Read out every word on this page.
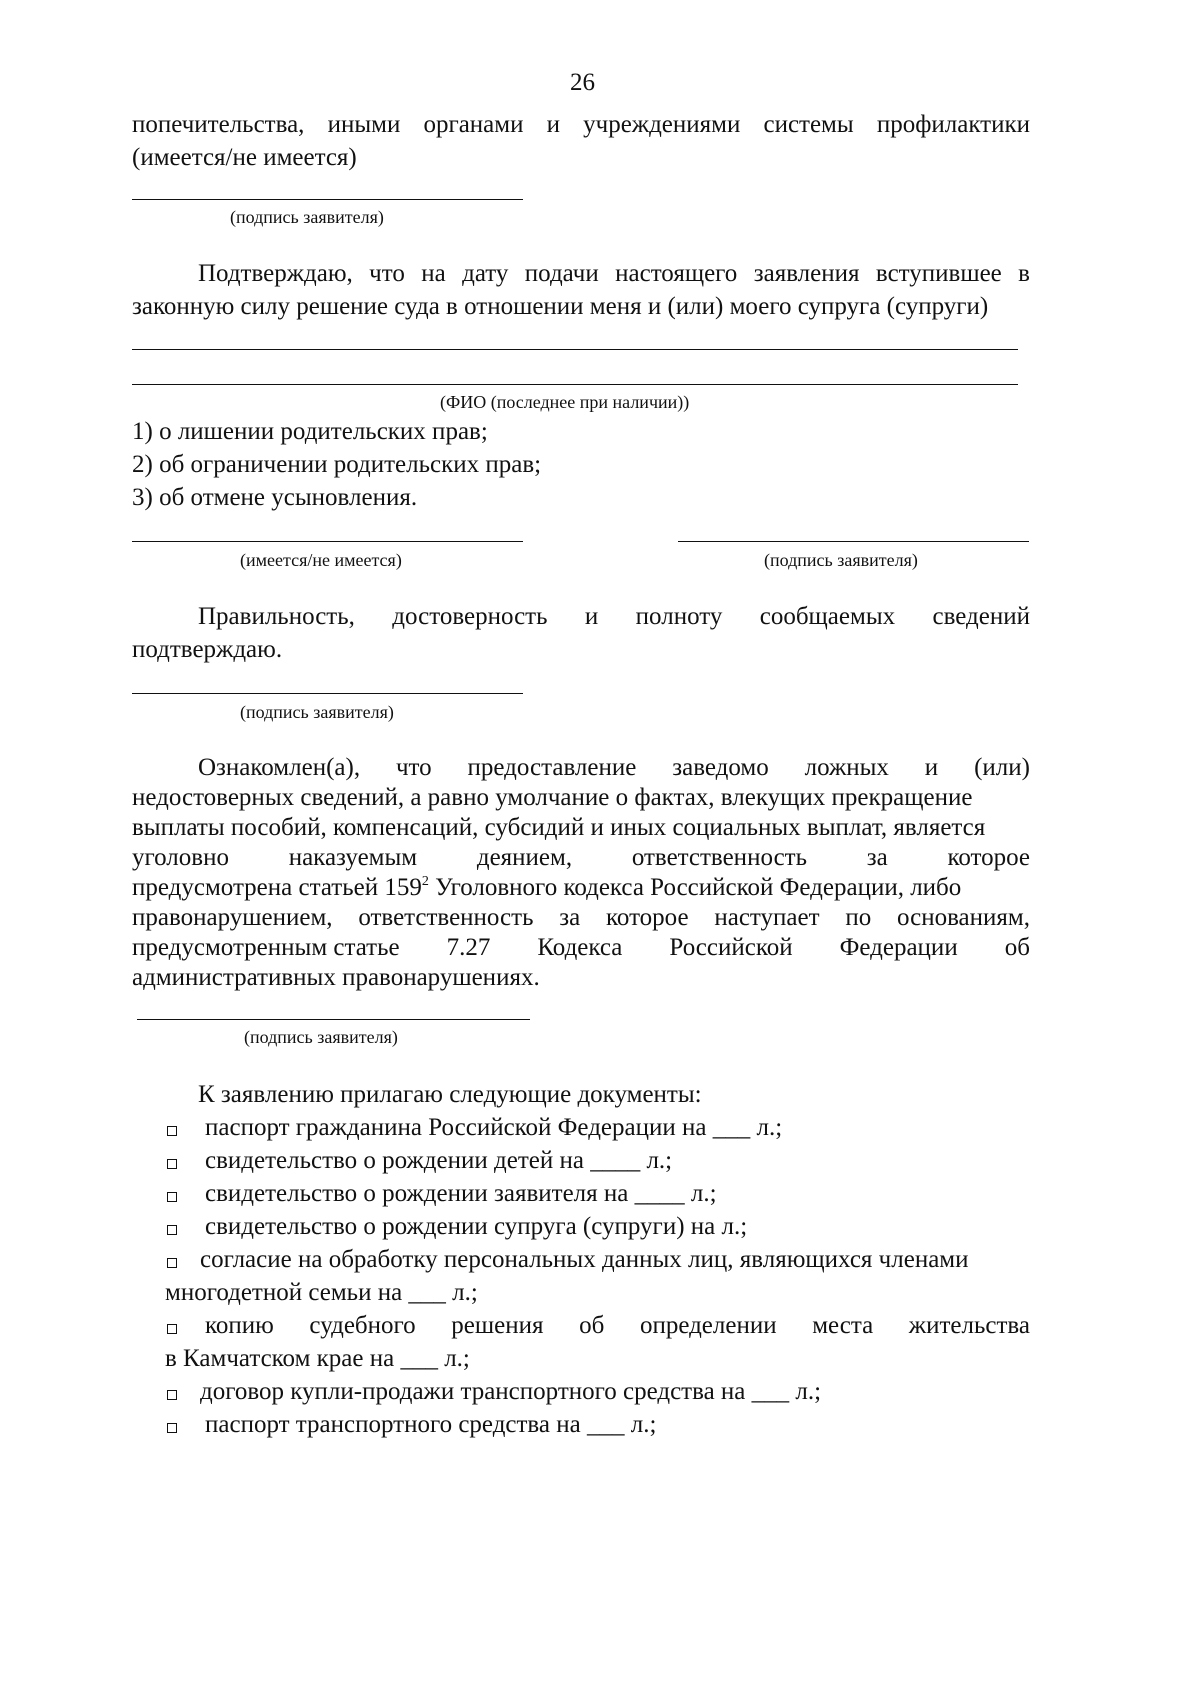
26
попечительства, иными органами и учреждениями системы профилактики
(имеется/не имеется)
(подпись заявителя)
Подтверждаю, что на дату подачи настоящего заявления вступившее в
законную силу решение суда в отношении меня и (или) моего супруга (супруги)
(ФИО (последнее при наличии))
1) о лишении родительских прав;
2) об ограничении родительских прав;
3) об отмене усыновления.
(имеется/не имеется)	(подпись заявителя)
Правильность, достоверность и полноту сообщаемых сведений
подтверждаю.
(подпись заявителя)
Ознакомлен(а), что предоставление заведомо ложных и (или)
недостоверных сведений, а равно умолчание о фактах, влекущих прекращение
выплаты пособий, компенсаций, субсидий и иных социальных выплат, является
уголовно наказуемым деянием, ответственность за которое
предусмотрена статьей $159^2$ Уголовного кодекса Российской Федерации, либо
правонарушением, ответственность за которое наступает по основаниям,
предусмотренным статье 7.27 Кодекса Российской Федерации об
административных правонарушениях.
(подпись заявителя)
К заявлению прилагаю следующие документы:
паспорт гражданина Российской Федерации на ___ л.;
свидетельство о рождении детей на ____ л.;
свидетельство о рождении заявителя на ____ л.;
свидетельство о рождении супруга (супруги) на л.;
согласие на обработку персональных данных лиц, являющихся членами
многодетной семьи на ___ л.;
копию судебного решения об определении места жительства
в Камчатском крае на ___ л.;
договор купли-продажи транспортного средства на ___ л.;
паспорт транспортного средства на ___ л.;
